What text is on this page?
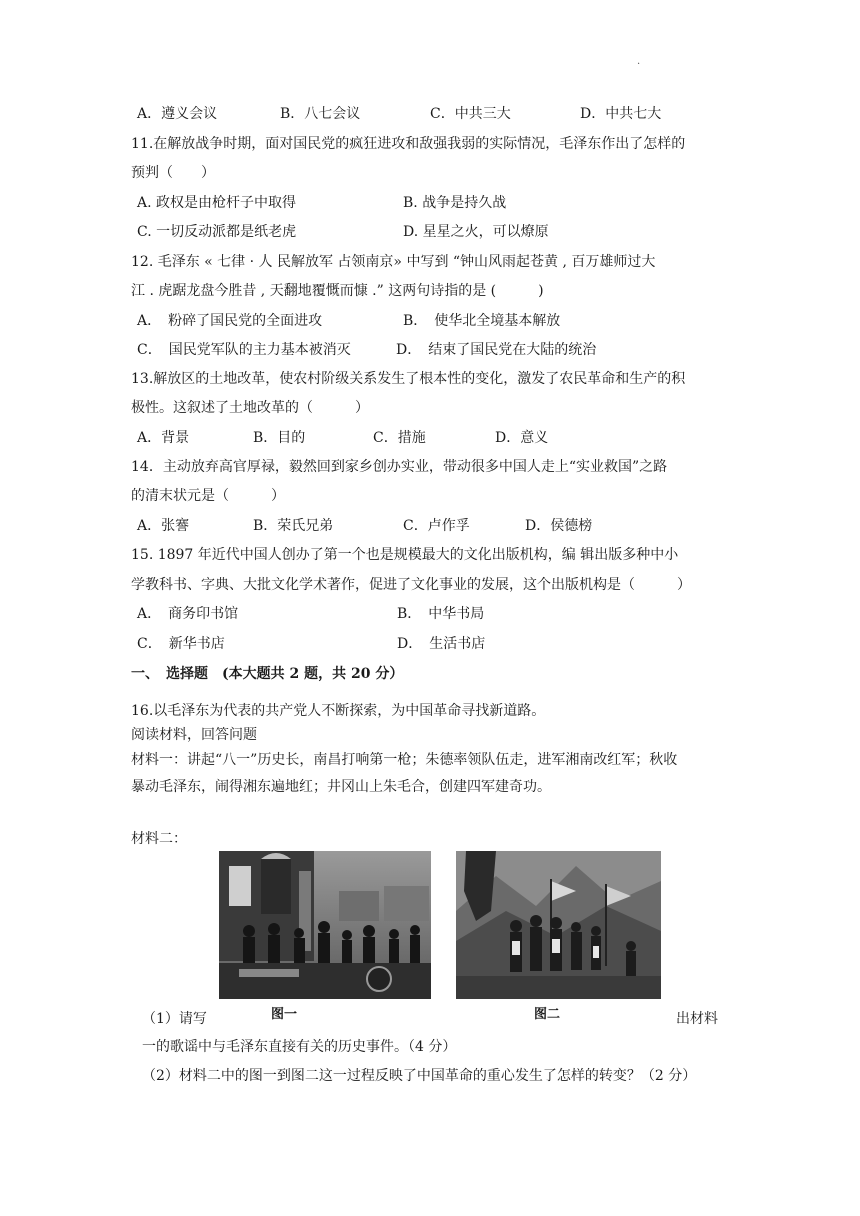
.
A．遵义会议	B．八七会议	C．中共三大	D．中共七大
11.在解放战争时期，面对国民党的疯狂进攻和敌强我弱的实际情况，毛泽东作出了怎样的
预判（　　）
A. 政权是由枪杆子中取得	B. 战争是持久战
C. 一切反动派都是纸老虎	D. 星星之火，可以燎原
12. 毛泽东 « 七律 · 人 民解放军 占领南京» 中写到 “钟山风雨起苍黄 , 百万雄师过大
江 . 虎踞龙盘今胜昔 , 天翻地覆慨而慷 .” 这两句诗指的是 (　　　)
A．　粉碎了国民党的全面进攻	B．　使华北全境基本解放
C．　国民党军队的主力基本被消灭	D．　结束了国民党在大陆的统治
13.解放区的土地改革，使农村阶级关系发生了根本性的变化，激发了农民革命和生产的积
极性。这叙述了土地改革的（　　　）
A．背景	B．目的	C．措施	D．意义
14．主动放弃高官厚禄，毅然回到家乡创办实业，带动很多中国人走上“实业救国”之路
的清末状元是（　　　）
A．张謇	B．荣氏兄弟	C．卢作孚	D．侯德榜
15. 1897 年近代中国人创办了第一个也是规模最大的文化出版机构，编 辑出版多种中小
学教科书、字典、大批文化学术著作，促进了文化事业的发展，这个出版机构是（　　　）
A．　商务印书馆	B．　中华书局
C．　新华书店	D．　生活书店
一、　选择题　(本大题共 2 题，共 20 分）
16.以毛泽东为代表的共产党人不断探索，为中国革命寻找新道路。
阅读材料，回答问题
材料一：讲起“八一”历史长，南昌打响第一枪；朱德率领队伍走，进军湘南改红军；秋收
暴动毛泽东，闹得湘东遍地红；井冈山上朱毛合，创建四军建奇功。
材料二：
图一	图二
（1）请写	出材料
一的歌谣中与毛泽东直接有关的历史事件。（4 分）
（2）材料二中的图一到图二这一过程反映了中国革命的重心发生了怎样的转变？（2 分）
